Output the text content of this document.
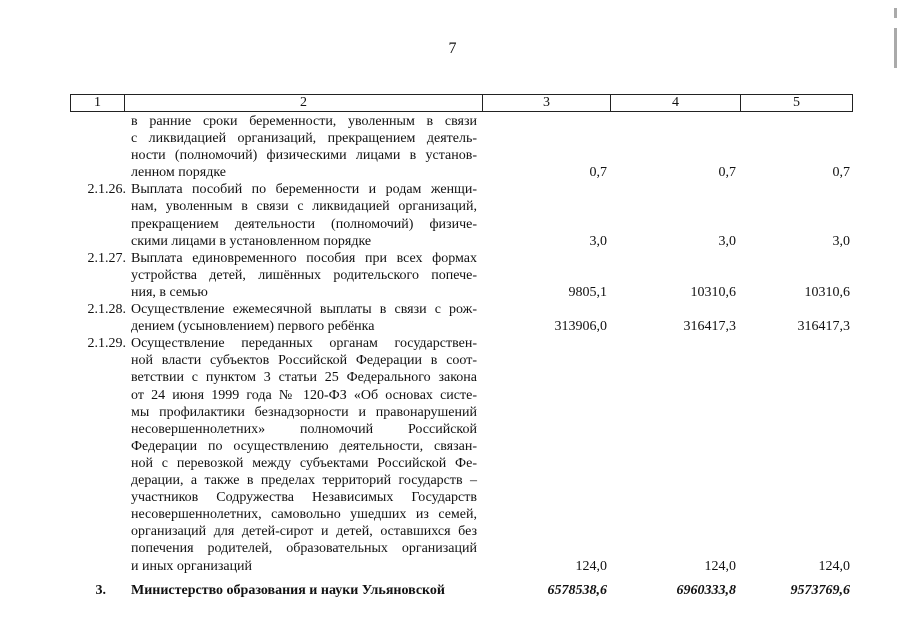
7
1	2	3	4	5
в ранние сроки беременности, уволенным в связи
с ликвидацией организаций, прекращением деятель-
ности (полномочий) физическими лицами в установ-
ленном порядке	0,7	0,7	0,7
2.1.26. Выплата пособий по беременности и родам женщи-
нам, уволенным в связи с ликвидацией организаций,
прекращением деятельности (полномочий) физиче-
скими лицами в установленном порядке	3,0	3,0	3,0
2.1.27. Выплата единовременного пособия при всех формах
устройства детей, лишённых родительского попече-
ния, в семью	9805,1	10310,6	10310,6
2.1.28. Осуществление ежемесячной выплаты в связи с рож-
дением (усыновлением) первого ребёнка	313906,0	316417,3	316417,3
2.1.29. Осуществление переданных органам государствен-
ной власти субъектов Российской Федерации в соот-
ветствии с пунктом 3 статьи 25 Федерального закона
от 24 июня 1999 года № 120-ФЗ «Об основах систе-
мы профилактики безнадзорности и правонарушений
несовершеннолетних» полномочий Российской
Федерации по осуществлению деятельности, связан-
ной с перевозкой между субъектами Российской Фе-
дерации, а также в пределах территорий государств –
участников Содружества Независимых Государств
несовершеннолетних, самовольно ушедших из семей,
организаций для детей-сирот и детей, оставшихся без
попечения родителей, образовательных организаций
и иных организаций	124,0	124,0	124,0
3. Министерство образования и науки Ульяновской	6578538,6	6960333,8	9573769,6
